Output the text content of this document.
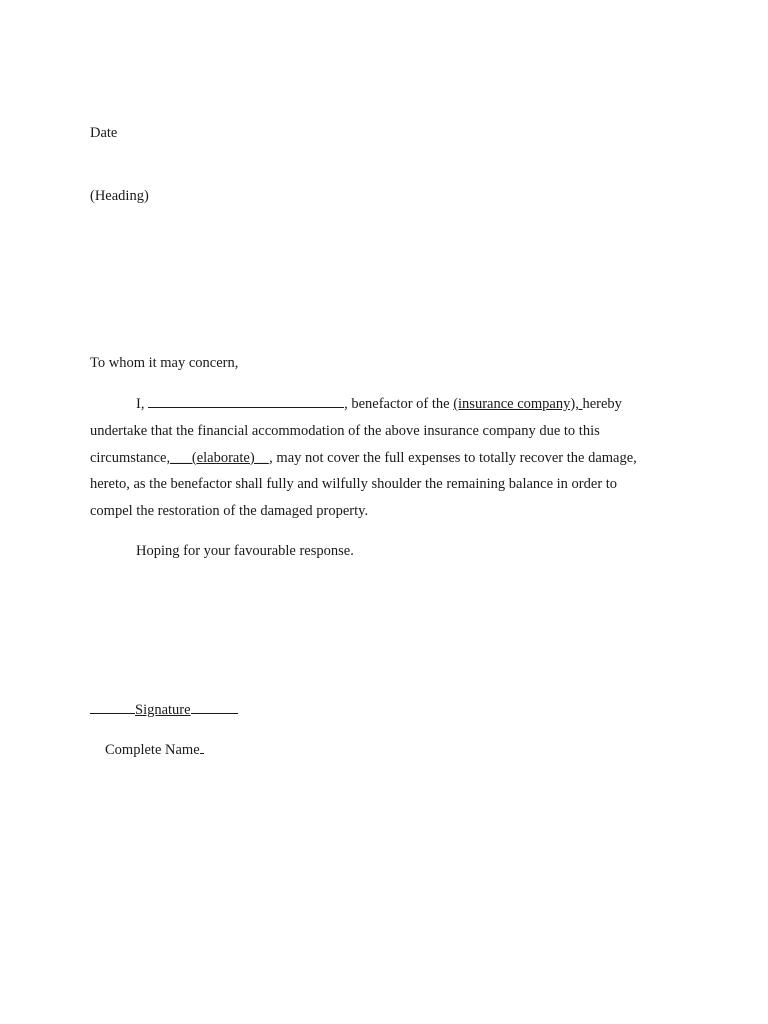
Date
(Heading)
To whom it may concern,
I,	, benefactor of the (insurance company), hereby
undertake that the financial accommodation of the above insurance company due to this
circumstance,___(elaborate)__, may not cover the full expenses to totally recover the damage,
hereto, as the benefactor shall fully and wilfully shoulder the remaining balance in order to
compel the restoration of the damaged property.
Hoping for your favourable response.
Signature
Complete Name
